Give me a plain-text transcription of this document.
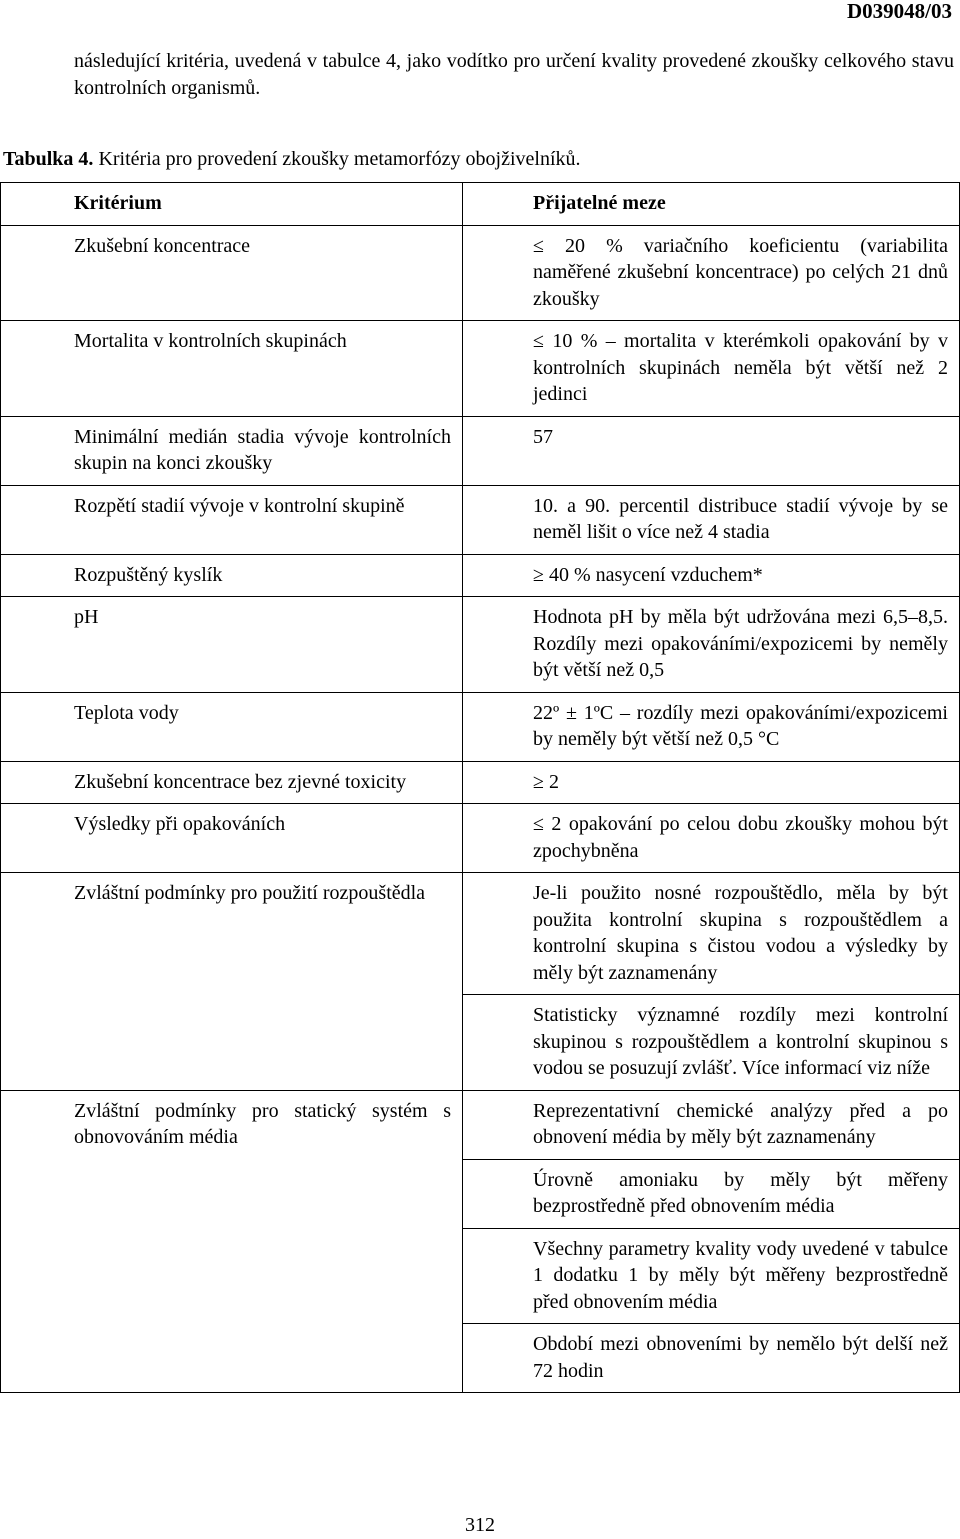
D039048/03

následující kritéria, uvedená v tabulce 4, jako vodítko pro určení kvality provedené zkoušky celkového stavu kontrolních organismů.

Tabulka 4. Kritéria pro provedení zkoušky metamorfózy obojživelníků.

Kritérium	Přijatelné meze
Zkušební koncentrace	≤ 20 % variačního koeficientu (variabilita naměřené zkušební koncentrace) po celých 21 dnů zkoušky
Mortalita v kontrolních skupinách	≤ 10 % – mortalita v kterémkoli opakování by v kontrolních skupinách neměla být větší než 2 jedinci
Minimální medián stadia vývoje kontrolních skupin na konci zkoušky	57
Rozpětí stadií vývoje v kontrolní skupině	10. a 90. percentil distribuce stadií vývoje by se neměl lišit o více než 4 stadia
Rozpuštěný kyslík	≥ 40 % nasycení vzduchem*
pH	Hodnota pH by měla být udržována mezi 6,5–8,5. Rozdíly mezi opakováními/expozicemi by neměly být větší než 0,5
Teplota vody	22º ± 1ºC – rozdíly mezi opakováními/expozicemi by neměly být větší než 0,5 °C
Zkušební koncentrace bez zjevné toxicity	≥ 2
Výsledky při opakováních	≤ 2 opakování po celou dobu zkoušky mohou být zpochybněna
Zvláštní podmínky pro použití rozpouštědla	Je-li použito nosné rozpouštědlo, měla by být použita kontrolní skupina s rozpouštědlem a kontrolní skupina s čistou vodou a výsledky by měly být zaznamenány
	Statisticky významné rozdíly mezi kontrolní skupinou s rozpouštědlem a kontrolní skupinou s vodou se posuzují zvlášť. Více informací viz níže
Zvláštní podmínky pro statický systém s obnovováním média	Reprezentativní chemické analýzy před a po obnovení média by měly být zaznamenány
	Úrovně amoniaku by měly být měřeny bezprostředně před obnovením média
	Všechny parametry kvality vody uvedené v tabulce 1 dodatku 1 by měly být měřeny bezprostředně před obnovením média
	Období mezi obnoveními by nemělo být delší než 72 hodin
312
